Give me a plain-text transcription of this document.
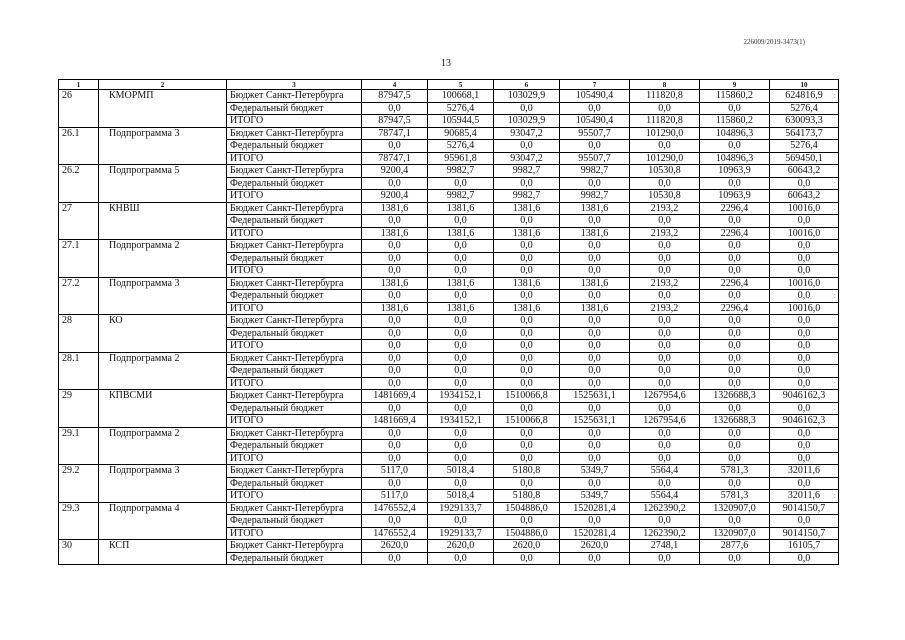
226009/2019-3473(1)
13
1	2	3	4	5	6	7	8	9	10
26	КМОРМП	Бюджет Санкт-Петербурга	87947,5	100668,1	103029,9	105490,4	111820,8	115860,2	624816,9
		Федеральный бюджет	0,0	5276,4	0,0	0,0	0,0	0,0	5276,4
		ИТОГО	87947,5	105944,5	103029,9	105490,4	111820,8	115860,2	630093,3
26.1	Подпрограмма 3	Бюджет Санкт-Петербурга	78747,1	90685,4	93047,2	95507,7	101290,0	104896,3	564173,7
		Федеральный бюджет	0,0	5276,4	0,0	0,0	0,0	0,0	5276,4
		ИТОГО	78747,1	95961,8	93047,2	95507,7	101290,0	104896,3	569450,1
26.2	Подпрограмма 5	Бюджет Санкт-Петербурга	9200,4	9982,7	9982,7	9982,7	10530,8	10963,9	60643,2
		Федеральный бюджет	0,0	0,0	0,0	0,0	0,0	0,0	0,0
		ИТОГО	9200,4	9982,7	9982,7	9982,7	10530,8	10963,9	60643,2
27	КНВШ	Бюджет Санкт-Петербурга	1381,6	1381,6	1381,6	1381,6	2193,2	2296,4	10016,0
		Федеральный бюджет	0,0	0,0	0,0	0,0	0,0	0,0	0,0
		ИТОГО	1381,6	1381,6	1381,6	1381,6	2193,2	2296,4	10016,0
27.1	Подпрограмма 2	Бюджет Санкт-Петербурга	0,0	0,0	0,0	0,0	0,0	0,0	0,0
		Федеральный бюджет	0,0	0,0	0,0	0,0	0,0	0,0	0,0
		ИТОГО	0,0	0,0	0,0	0,0	0,0	0,0	0,0
27.2	Подпрограмма 3	Бюджет Санкт-Петербурга	1381,6	1381,6	1381,6	1381,6	2193,2	2296,4	10016,0
		Федеральный бюджет	0,0	0,0	0,0	0,0	0,0	0,0	0,0
		ИТОГО	1381,6	1381,6	1381,6	1381,6	2193,2	2296,4	10016,0
28	КО	Бюджет Санкт-Петербурга	0,0	0,0	0,0	0,0	0,0	0,0	0,0
		Федеральный бюджет	0,0	0,0	0,0	0,0	0,0	0,0	0,0
		ИТОГО	0,0	0,0	0,0	0,0	0,0	0,0	0,0
28.1	Подпрограмма 2	Бюджет Санкт-Петербурга	0,0	0,0	0,0	0,0	0,0	0,0	0,0
		Федеральный бюджет	0,0	0,0	0,0	0,0	0,0	0,0	0,0
		ИТОГО	0,0	0,0	0,0	0,0	0,0	0,0	0,0
29	КПВСМИ	Бюджет Санкт-Петербурга	1481669,4	1934152,1	1510066,8	1525631,1	1267954,6	1326688,3	9046162,3
		Федеральный бюджет	0,0	0,0	0,0	0,0	0,0	0,0	0,0
		ИТОГО	1481669,4	1934152,1	1510066,8	1525631,1	1267954,6	1326688,3	9046162,3
29.1	Подпрограмма 2	Бюджет Санкт-Петербурга	0,0	0,0	0,0	0,0	0,0	0,0	0,0
		Федеральный бюджет	0,0	0,0	0,0	0,0	0,0	0,0	0,0
		ИТОГО	0,0	0,0	0,0	0,0	0,0	0,0	0,0
29.2	Подпрограмма 3	Бюджет Санкт-Петербурга	5117,0	5018,4	5180,8	5349,7	5564,4	5781,3	32011,6
		Федеральный бюджет	0,0	0,0	0,0	0,0	0,0	0,0	0,0
		ИТОГО	5117,0	5018,4	5180,8	5349,7	5564,4	5781,3	32011,6
29.3	Подпрограмма 4	Бюджет Санкт-Петербурга	1476552,4	1929133,7	1504886,0	1520281,4	1262390,2	1320907,0	9014150,7
		Федеральный бюджет	0,0	0,0	0,0	0,0	0,0	0,0	0,0
		ИТОГО	1476552,4	1929133,7	1504886,0	1520281,4	1262390,2	1320907,0	9014150,7
30	КСП	Бюджет Санкт-Петербурга	2620,0	2620,0	2620,0	2620,0	2748,1	2877,6	16105,7
		Федеральный бюджет	0,0	0,0	0,0	0,0	0,0	0,0	0,0
